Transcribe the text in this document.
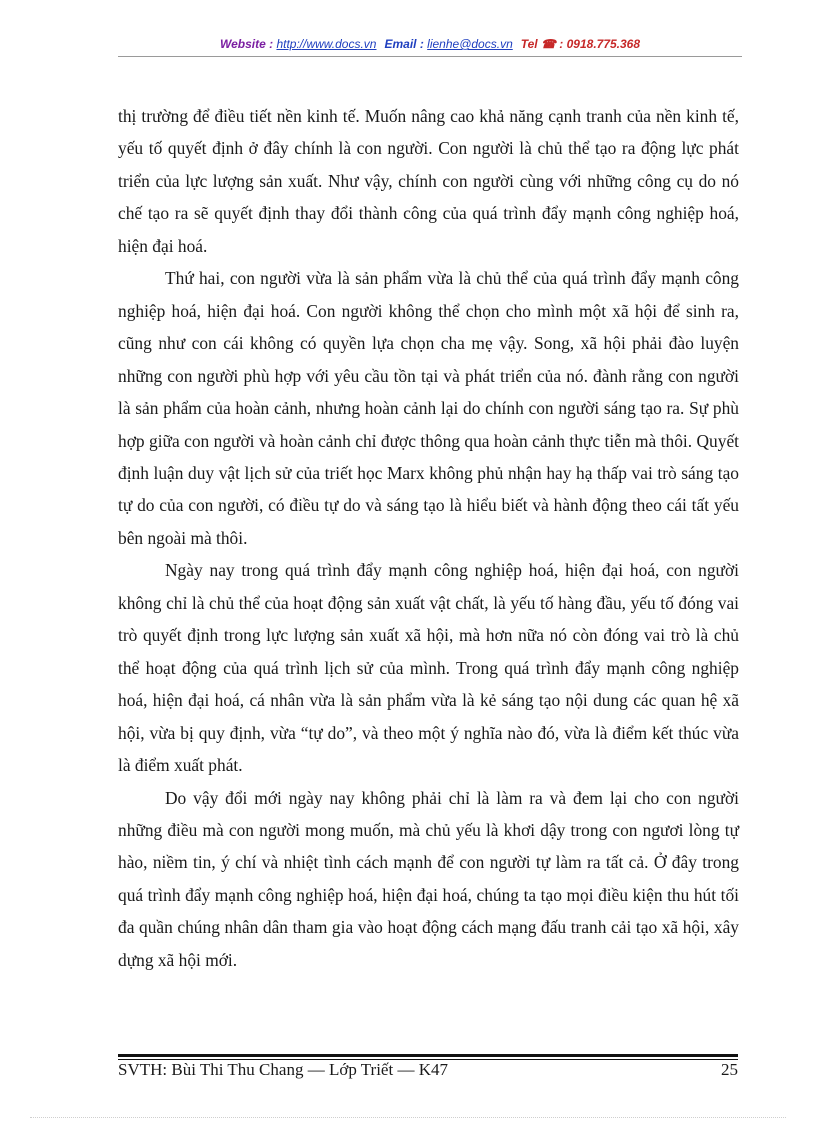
Website : http://www.docs.vn Email : lienhe@docs.vn Tel ☎ : 0918.775.368

thị trường để điều tiết nền kinh tế. Muốn nâng cao khả năng cạnh tranh của nền kinh tế, yếu tố quyết định ở đây chính là con người. Con người là chủ thể tạo ra động lực phát triển của lực lượng sản xuất. Như vậy, chính con người cùng với những công cụ do nó chế tạo ra sẽ quyết định thay đổi thành công của quá trình đẩy mạnh công nghiệp hoá, hiện đại hoá.

Thứ hai, con người vừa là sản phẩm vừa là chủ thể của quá trình đẩy mạnh công nghiệp hoá, hiện đại hoá. Con người không thể chọn cho mình một xã hội để sinh ra, cũng như con cái không có quyền lựa chọn cha mẹ vậy. Song, xã hội phải đào luyện những con người phù hợp với yêu cầu tồn tại và phát triển của nó. đành rằng con người là sản phẩm của hoàn cảnh, nhưng hoàn cảnh lại do chính con người sáng tạo ra. Sự phù hợp giữa con người và hoàn cảnh chỉ được thông qua hoàn cảnh thực tiễn mà thôi. Quyết định luận duy vật lịch sử của triết học Marx không phủ nhận hay hạ thấp vai trò sáng tạo tự do của con người, có điều tự do và sáng tạo là hiểu biết và hành động theo cái tất yếu bên ngoài mà thôi.

Ngày nay trong quá trình đẩy mạnh công nghiệp hoá, hiện đại hoá, con người không chỉ là chủ thể của hoạt động sản xuất vật chất, là yếu tố hàng đầu, yếu tố đóng vai trò quyết định trong lực lượng sản xuất xã hội, mà hơn nữa nó còn đóng vai trò là chủ thể hoạt động của quá trình lịch sử của mình. Trong quá trình đẩy mạnh công nghiệp hoá, hiện đại hoá, cá nhân vừa là sản phẩm vừa là kẻ sáng tạo nội dung các quan hệ xã hội, vừa bị quy định, vừa “tự do”, và theo một ý nghĩa nào đó, vừa là điểm kết thúc vừa là điểm xuất phát.

Do vậy đổi mới ngày nay không phải chỉ là làm ra và đem lại cho con người những điều mà con người mong muốn, mà chủ yếu là khơi dậy trong con ngươi lòng tự hào, niềm tin, ý chí và nhiệt tình cách mạnh để con người tự làm ra tất cả. Ở đây trong quá trình đẩy mạnh công nghiệp hoá, hiện đại hoá, chúng ta tạo mọi điều kiện thu hút tối đa quần chúng nhân dân tham gia vào hoạt động cách mạng đấu tranh cải tạo xã hội, xây dựng xã hội mới.

SVTH: Bùi Thi Thu Chang — Lớp Triết — K47	25
